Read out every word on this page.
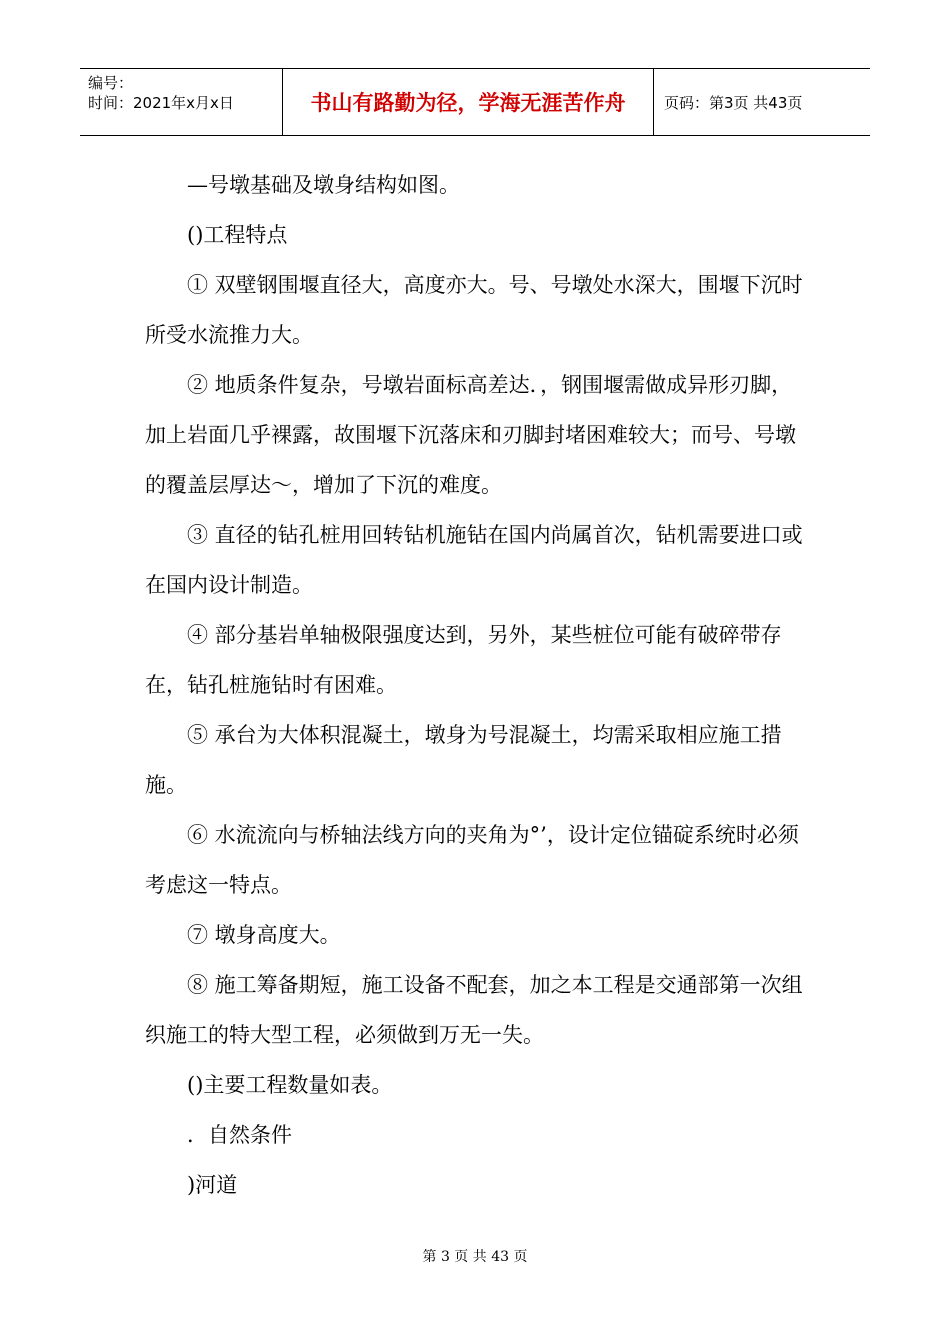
编号：
时间：2021年x月x日	书山有路勤为径，学海无涯苦作舟	页码：第3页 共43页

—号墩基础及墩身结构如图。

()工程特点

① 双壁钢围堰直径大，高度亦大。号、号墩处水深大，围堰下沉时所受水流推力大。

② 地质条件复杂，号墩岩面标高差达．，钢围堰需做成异形刃脚，加上岩面几乎裸露，故围堰下沉落床和刃脚封堵困难较大；而号、号墩的覆盖层厚达～，增加了下沉的难度。

③ 直径的钻孔桩用回转钻机施钻在国内尚属首次，钻机需要进口或在国内设计制造。

④ 部分基岩单轴极限强度达到，另外，某些桩位可能有破碎带存在，钻孔桩施钻时有困难。

⑤ 承台为大体积混凝土，墩身为号混凝土，均需采取相应施工措施。

⑥ 水流流向与桥轴法线方向的夹角为°’，设计定位锚碇系统时必须考虑这一特点。

⑦ 墩身高度大。

⑧ 施工筹备期短，施工设备不配套，加之本工程是交通部第一次组织施工的特大型工程，必须做到万无一失。

()主要工程数量如表。

．自然条件

)河道

第 3 页 共 43 页
